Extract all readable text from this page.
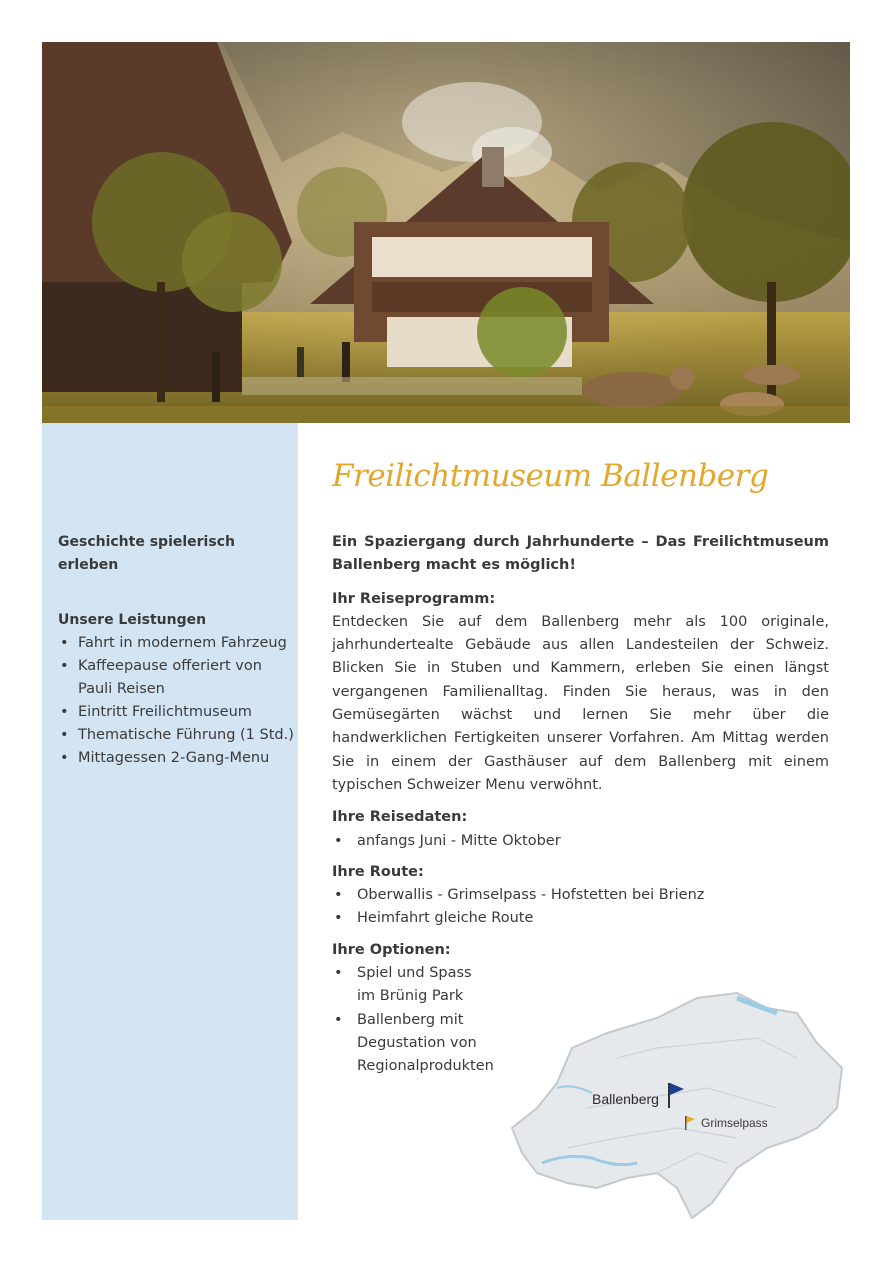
Geschichte spielerisch erleben

Unsere Leistungen

• Fahrt in modernem Fahrzeug
• Kaffeepause offeriert von Pauli Reisen
• Eintritt Freilichtmuseum
• Thematische Führung (1 Std.)
• Mittagessen 2-Gang-Menu
Freilichtmuseum Ballenberg

Ein Spaziergang durch Jahrhunderte – Das Freilichtmuseum Ballenberg macht es möglich!

Ihr Reiseprogramm:

Entdecken Sie auf dem Ballenberg mehr als 100 originale, jahrhundertealte Gebäude aus allen Landesteilen der Schweiz. Blicken Sie in Stuben und Kammern, erleben Sie einen längst vergangenen Familienalltag. Finden Sie heraus, was in den Gemüsegärten wächst und lernen Sie mehr über die handwerklichen Fertigkeiten unserer Vorfahren. Am Mittag werden Sie in einem der Gasthäuser auf dem Ballenberg mit einem typischen Schweizer Menu verwöhnt.

Ihre Reisedaten:

• anfangs Juni - Mitte Oktober

Ihre Route:

• Oberwallis - Grimselpass - Hofstetten bei Brienz
• Heimfahrt gleiche Route

Ihre Optionen:

• Spiel und Spass im Brünig Park
• Ballenberg mit Degustation von Regionalprodukten
Ballenberg
Grimselpass
